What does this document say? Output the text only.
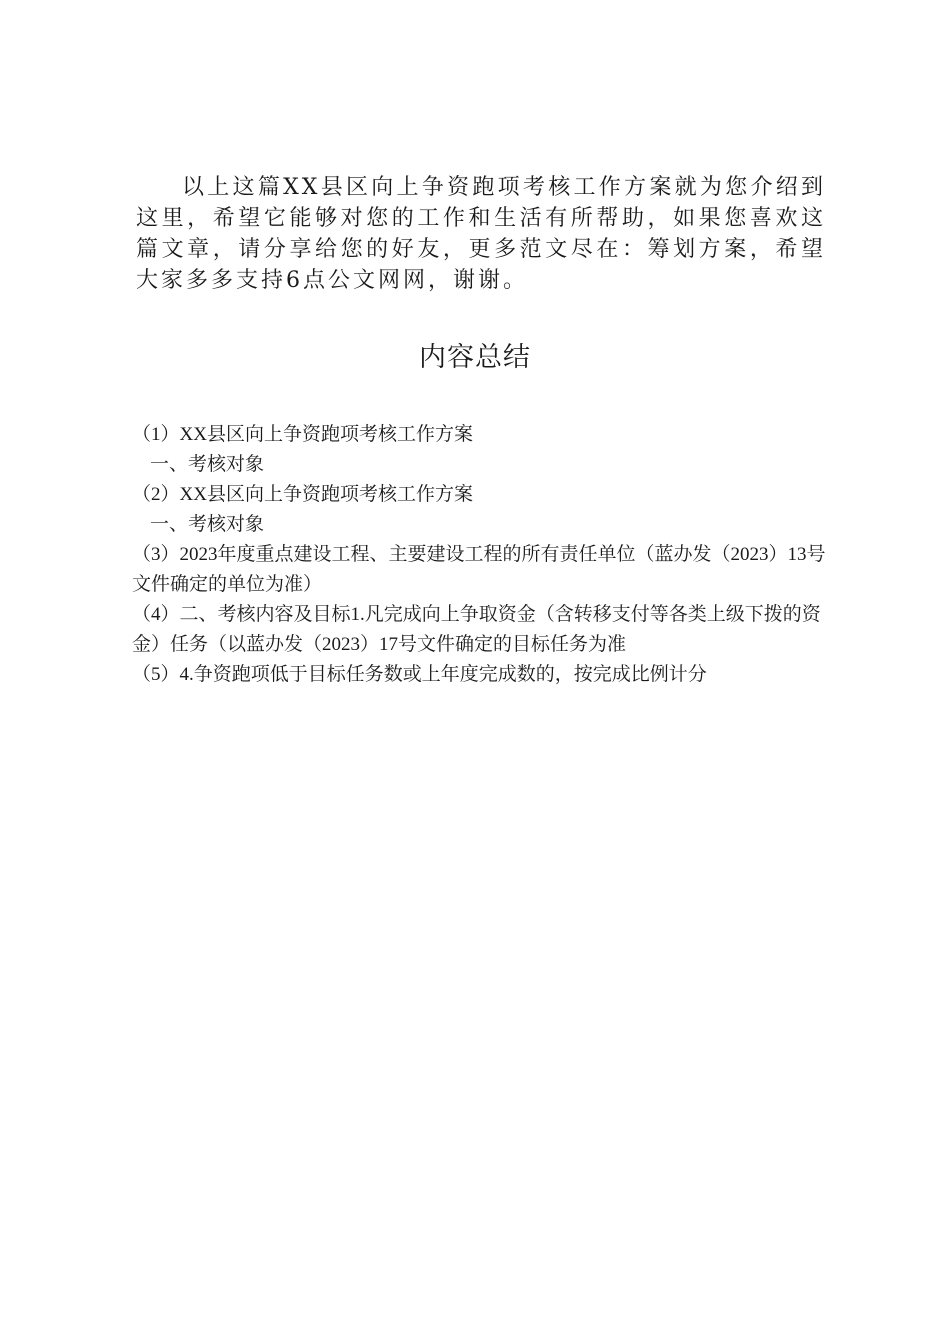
以上这篇XX县区向上争资跑项考核工作方案就为您介绍到这里，希望它能够对您的工作和生活有所帮助，如果您喜欢这篇文章，请分享给您的好友，更多范文尽在：筹划方案，希望大家多多支持6点公文网网，谢谢。

内容总结
（1）XX县区向上争资跑项考核工作方案
一、考核对象
（2）XX县区向上争资跑项考核工作方案
一、考核对象
（3）2023年度重点建设工程、主要建设工程的所有责任单位（蓝办发（2023）13号文件确定的单位为准）
（4）二、考核内容及目标1.凡完成向上争取资金（含转移支付等各类上级下拨的资金）任务（以蓝办发（2023）17号文件确定的目标任务为准
（5）4.争资跑项低于目标任务数或上年度完成数的，按完成比例计分
